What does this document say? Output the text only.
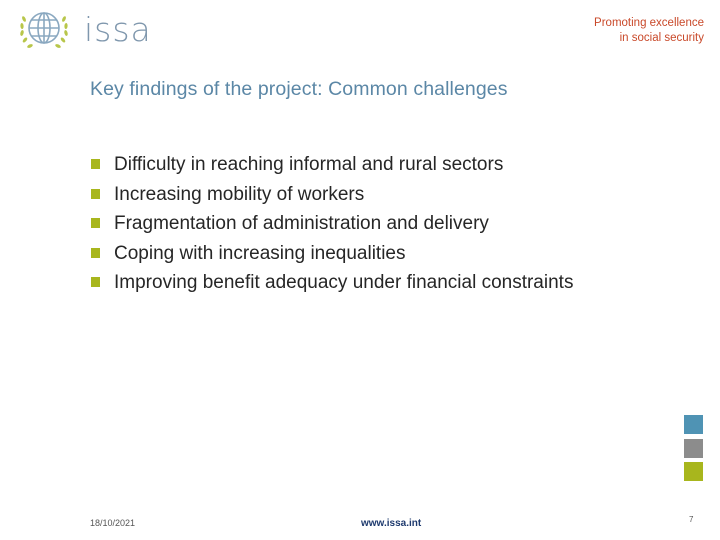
issa	Promoting excellence
in social security
Key findings of the project: Common challenges
Difficulty in reaching informal and rural sectors
Increasing mobility of workers
Fragmentation of administration and delivery
Coping with increasing inequalities
Improving benefit adequacy under financial constraints
18/10/2021	www.issa.int	7
